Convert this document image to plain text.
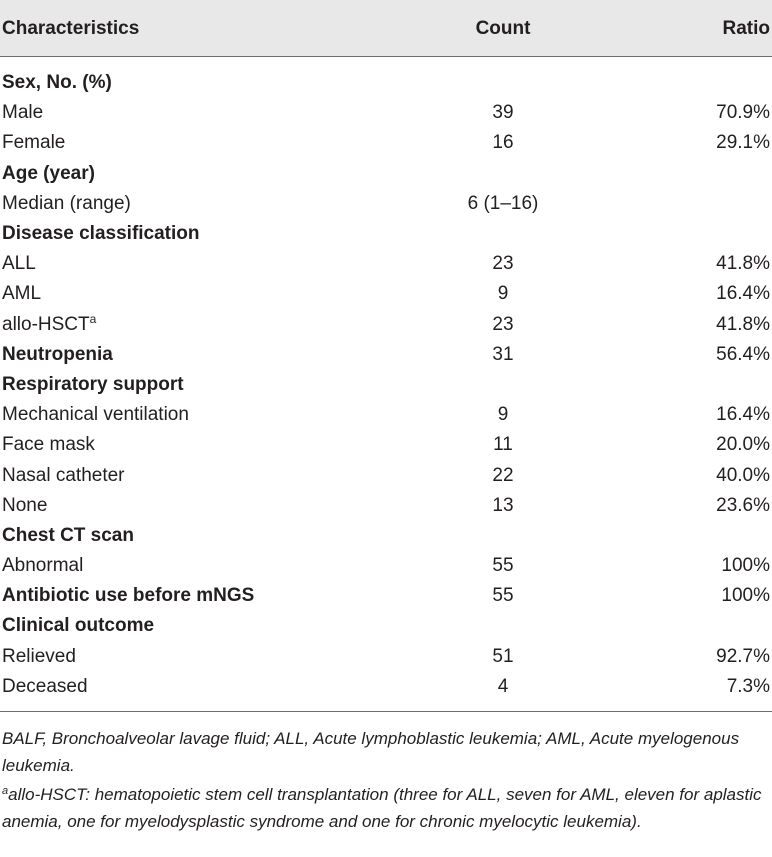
Characteristics	Count	Ratio
Sex, No. (%)
Male	39	70.9%
Female	16	29.1%
Age (year)
Median (range)	6 (1–16)
Disease classification
ALL	23	41.8%
AML	9	16.4%
allo-HSCT$^a$	23	41.8%
Neutropenia	31	56.4%
Respiratory support
Mechanical ventilation	9	16.4%
Face mask	11	20.0%
Nasal catheter	22	40.0%
None	13	23.6%
Chest CT scan
Abnormal	55	100%
Antibiotic use before mNGS	55	100%
Clinical outcome
Relieved	51	92.7%
Deceased	4	7.3%

BALF, Bronchoalveolar lavage fluid; ALL, Acute lymphoblastic leukemia; AML, Acute myelogenous leukemia.

$^a$allo-HSCT: hematopoietic stem cell transplantation (three for ALL, seven for AML, eleven for aplastic anemia, one for myelodysplastic syndrome and one for chronic myelocytic leukemia).
